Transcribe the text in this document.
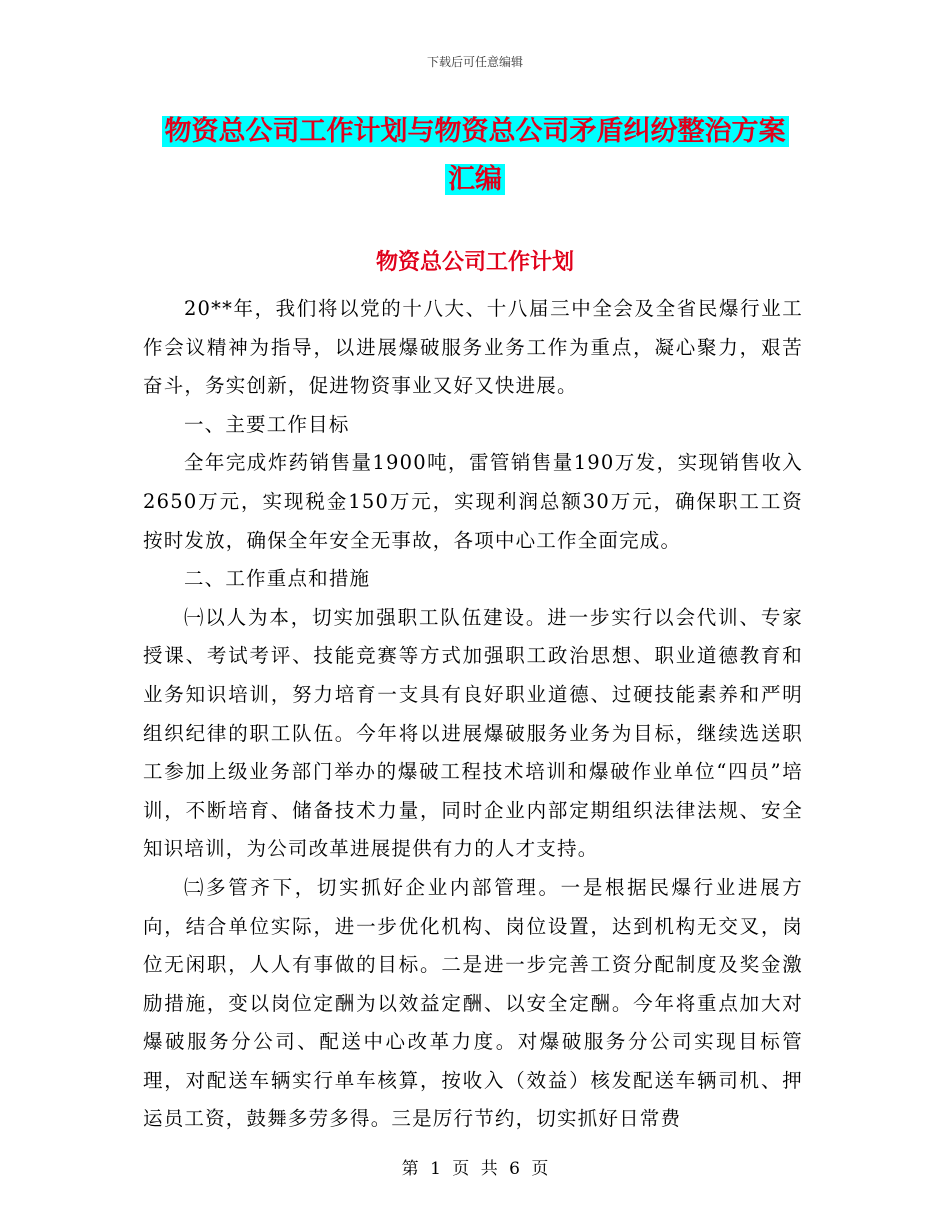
下载后可任意编辑
物资总公司工作计划与物资总公司矛盾纠纷整治方案
汇编
物资总公司工作计划

20**年，我们将以党的十八大、十八届三中全会及全省民爆行业工作会议精神为指导，以进展爆破服务业务工作为重点，凝心聚力，艰苦奋斗，务实创新，促进物资事业又好又快进展。

一、主要工作目标

全年完成炸药销售量1900吨，雷管销售量190万发，实现销售收入2650万元，实现税金150万元，实现利润总额30万元，确保职工工资按时发放，确保全年安全无事故，各项中心工作全面完成。

二、工作重点和措施

㈠以人为本，切实加强职工队伍建设。进一步实行以会代训、专家授课、考试考评、技能竞赛等方式加强职工政治思想、职业道德教育和业务知识培训，努力培育一支具有良好职业道德、过硬技能素养和严明组织纪律的职工队伍。今年将以进展爆破服务业务为目标，继续选送职工参加上级业务部门举办的爆破工程技术培训和爆破作业单位“四员”培训，不断培育、储备技术力量，同时企业内部定期组织法律法规、安全知识培训，为公司改革进展提供有力的人才支持。

㈡多管齐下，切实抓好企业内部管理。一是根据民爆行业进展方向，结合单位实际，进一步优化机构、岗位设置，达到机构无交叉，岗位无闲职，人人有事做的目标。二是进一步完善工资分配制度及奖金激励措施，变以岗位定酬为以效益定酬、以安全定酬。今年将重点加大对爆破服务分公司、配送中心改革力度。对爆破服务分公司实现目标管理，对配送车辆实行单车核算，按收入（效益）核发配送车辆司机、押运员工资，鼓舞多劳多得。三是厉行节约，切实抓好日常费

第 1 页 共 6 页
